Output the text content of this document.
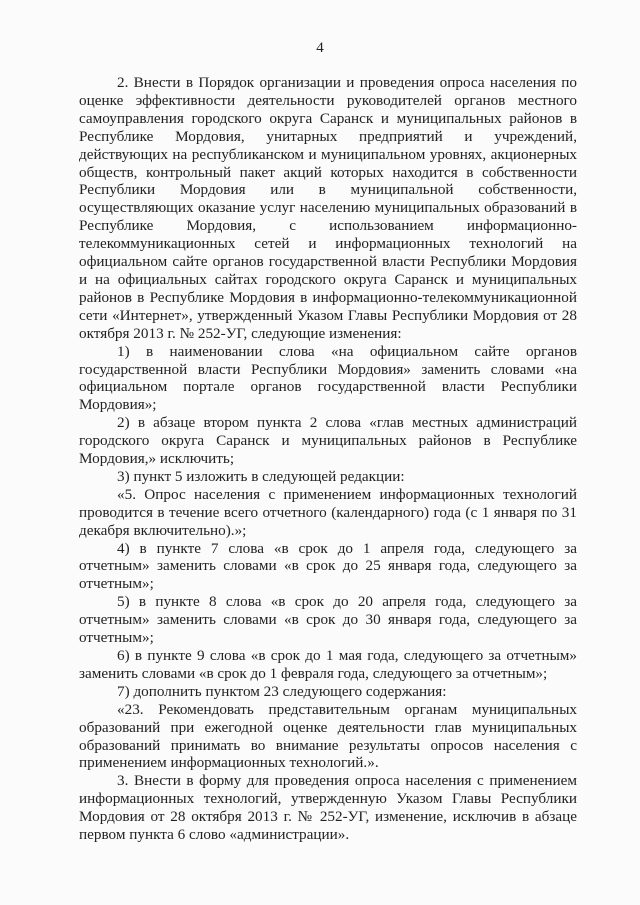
4

2. Внести в Порядок организации и проведения опроса населения по оценке эффективности деятельности руководителей органов местного самоуправления городского округа Саранск и муниципальных районов в Республике Мордовия, унитарных предприятий и учреждений, действующих на республиканском и муниципальном уровнях, акционерных обществ, контрольный пакет акций которых находится в собственности Республики Мордовия или в муниципальной собственности, осуществляющих оказание услуг населению муниципальных образований в Республике Мордовия, с использованием информационно-телекоммуникационных сетей и информационных технологий на официальном сайте органов государственной власти Республики Мордовия и на официальных сайтах городского округа Саранск и муниципальных районов в Республике Мордовия в информационно-телекоммуникационной сети «Интернет», утвержденный Указом Главы Республики Мордовия от 28 октября 2013 г. № 252-УГ, следующие изменения:

1) в наименовании слова «на официальном сайте органов государственной власти Республики Мордовия» заменить словами «на официальном портале органов государственной власти Республики Мордовия»;

2) в абзаце втором пункта 2 слова «глав местных администраций городского округа Саранск и муниципальных районов в Республике Мордовия,» исключить;

3) пункт 5 изложить в следующей редакции:

«5. Опрос населения с применением информационных технологий проводится в течение всего отчетного (календарного) года (с 1 января по 31 декабря включительно).»;

4) в пункте 7 слова «в срок до 1 апреля года, следующего за отчетным» заменить словами «в срок до 25 января года, следующего за отчетным»;

5) в пункте 8 слова «в срок до 20 апреля года, следующего за отчетным» заменить словами «в срок до 30 января года, следующего за отчетным»;

6) в пункте 9 слова «в срок до 1 мая года, следующего за отчетным» заменить словами «в срок до 1 февраля года, следующего за отчетным»;

7) дополнить пунктом 23 следующего содержания:

«23. Рекомендовать представительным органам муниципальных образований при ежегодной оценке деятельности глав муниципальных образований принимать во внимание результаты опросов населения с применением информационных технологий.».

3. Внести в форму для проведения опроса населения с применением информационных технологий, утвержденную Указом Главы Республики Мордовия от 28 октября 2013 г. № 252-УГ, изменение, исключив в абзаце первом пункта 6 слово «администрации».
